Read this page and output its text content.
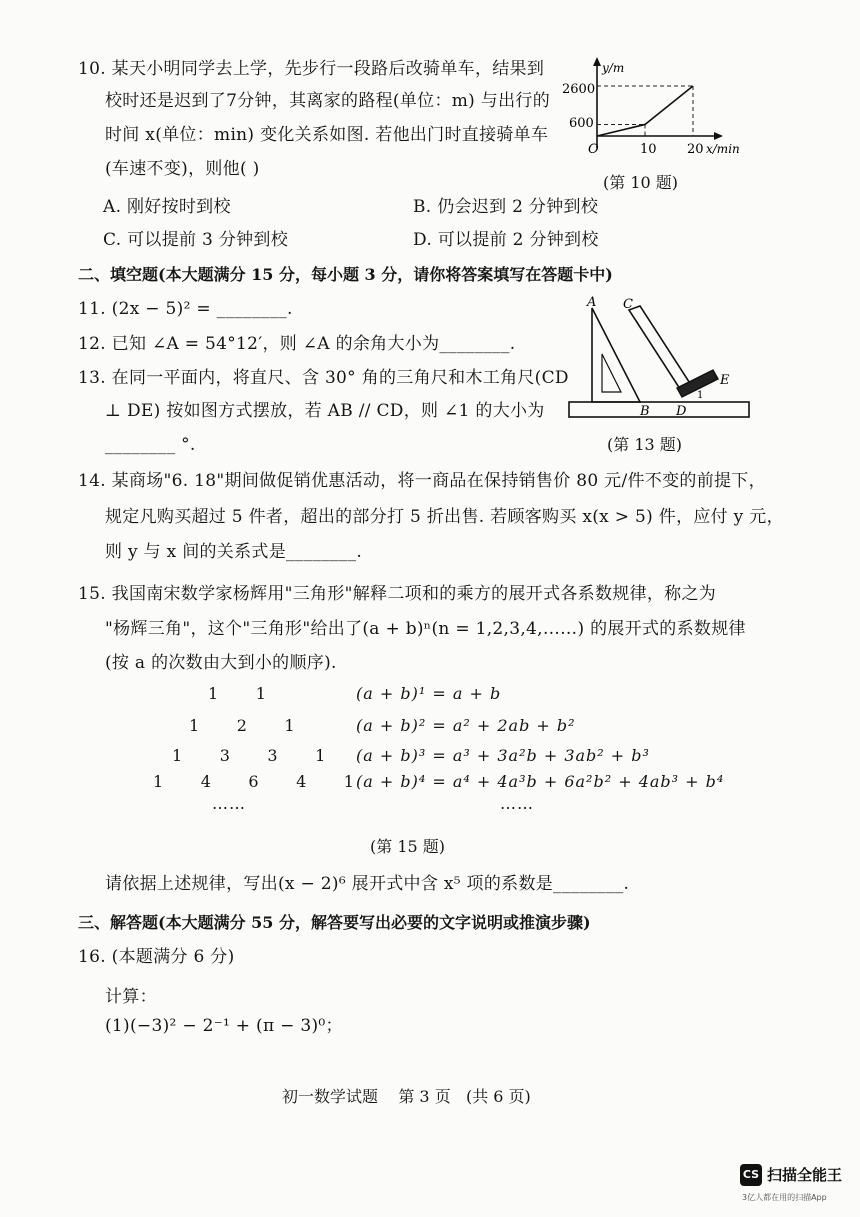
10. 某天小明同学去上学，先步行一段路后改骑单车，结果到
校时还是迟到了7分钟，其离家的路程(单位：m) 与出行的
时间 x(单位：min) 变化关系如图. 若他出门时直接骑单车
(车速不变)，则他( )
y/m
x/min
O
2600
600
10 20
(第 10 题)
A. 刚好按时到校	B. 仍会迟到 2 分钟到校
C. 可以提前 3 分钟到校	D. 可以提前 2 分钟到校
二、填空题(本大题满分 15 分，每小题 3 分，请你将答案填写在答题卡中)
11. (2x − 5)² = ________.
12. 已知 ∠A = 54°12′，则 ∠A 的余角大小为________.
13. 在同一平面内，将直尺、含 30° 角的三角尺和木工角尺(CD
⊥ DE) 按如图方式摆放，若 AB // CD，则 ∠1 的大小为
________ °.
A C
E
1
B D
(第 13 题)
14. 某商场"6. 18"期间做促销优惠活动，将一商品在保持销售价 80 元/件不变的前提下，
规定凡购买超过 5 件者，超出的部分打 5 折出售. 若顾客购买 x(x > 5) 件，应付 y 元，
则 y 与 x 间的关系式是________.
15. 我国南宋数学家杨辉用"三角形"解释二项和的乘方的展开式各系数规律，称之为
"杨辉三角"，这个"三角形"给出了(a + b)ⁿ(n = 1,2,3,4,……) 的展开式的系数规律
(按 a 的次数由大到小的顺序).
1      1
1      2      1
1      3      3      1
1      4      6      4      1
……
(a + b)¹ = a + b
(a + b)² = a² + 2ab + b²
(a + b)³ = a³ + 3a²b + 3ab² + b³
(a + b)⁴ = a⁴ + 4a³b + 6a²b² + 4ab³ + b⁴
……
(第 15 题)
请依据上述规律，写出(x − 2)⁶ 展开式中含 x⁵ 项的系数是________.
三、解答题(本大题满分 55 分，解答要写出必要的文字说明或推演步骤)
16. (本题满分 6 分)
计算：
(1)(−3)² − 2⁻¹ + (π − 3)⁰；
初一数学试题    第 3 页   (共 6 页)
CS 扫描全能王
3亿人都在用的扫描App
